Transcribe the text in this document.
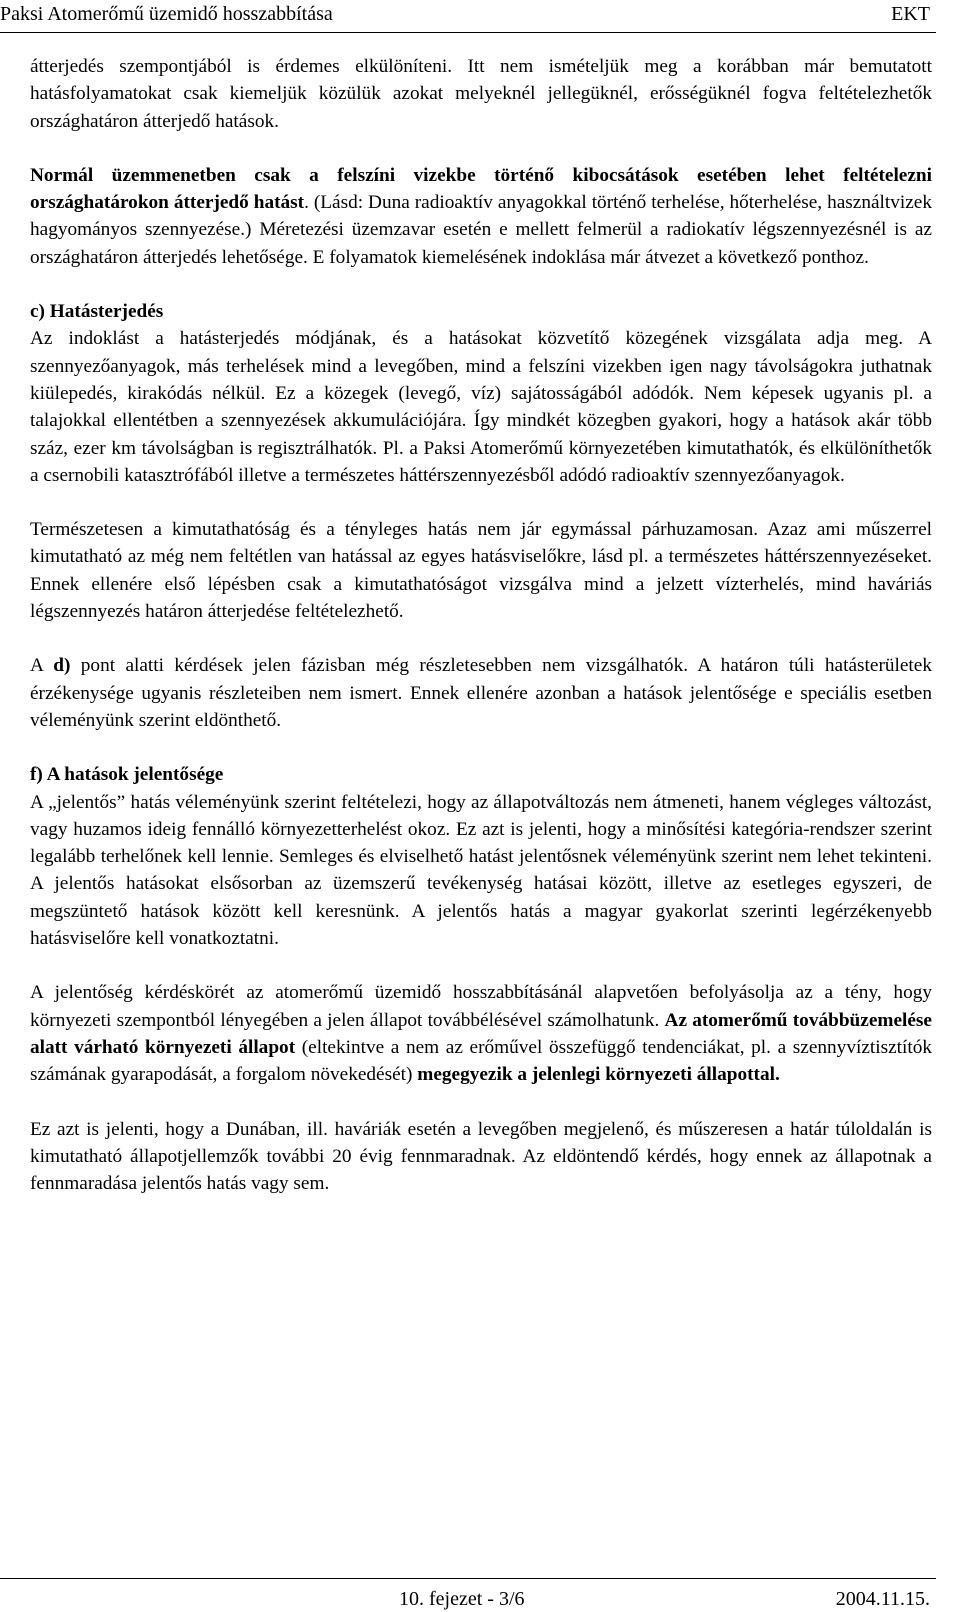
Paksi Atomerőmű üzemidő hosszabbítása	EKT

átterjedés szempontjából is érdemes elkülöníteni. Itt nem ismételjük meg a korábban már bemutatott hatásfolyamatokat csak kiemeljük közülük azokat melyeknél jellegüknél, erősségüknél fogva feltételezhetők országhatáron átterjedő hatások.

Normál üzemmenetben csak a felszíni vizekbe történő kibocsátások esetében lehet feltételezni országhatárokon átterjedő hatást. (Lásd: Duna radioaktív anyagokkal történő terhelése, hőterhelése, használtvizek hagyományos szennyezése.) Méretezési üzemzavar esetén e mellett felmerül a radiokatív légszennyezésnél is az országhatáron átterjedés lehetősége. E folyamatok kiemelésének indoklása már átvezet a következő ponthoz.

c) Hatásterjedés

Az indoklást a hatásterjedés módjának, és a hatásokat közvetítő közegének vizsgálata adja meg. A szennyezőanyagok, más terhelések mind a levegőben, mind a felszíni vizekben igen nagy távolságokra juthatnak kiülepedés, kirakódás nélkül. Ez a közegek (levegő, víz) sajátosságából adódók. Nem képesek ugyanis pl. a talajokkal ellentétben a szennyezések akkumulációjára. Így mindkét közegben gyakori, hogy a hatások akár több száz, ezer km távolságban is regisztrálhatók. Pl. a Paksi Atomerőmű környezetében kimutathatók, és elkülöníthetők a csernobili katasztrófából illetve a természetes háttérszennyezésből adódó radioaktív szennyezőanyagok.

Természetesen a kimutathatóság és a tényleges hatás nem jár egymással párhuzamosan. Azaz ami műszerrel kimutatható az még nem feltétlen van hatással az egyes hatásviselőkre, lásd pl. a természetes háttérszennyezéseket. Ennek ellenére első lépésben csak a kimutathatóságot vizsgálva mind a jelzett vízterhelés, mind haváriás légszennyezés határon átterjedése feltételezhető.

A d) pont alatti kérdések jelen fázisban még részletesebben nem vizsgálhatók. A határon túli hatásterületek érzékenysége ugyanis részleteiben nem ismert. Ennek ellenére azonban a hatások jelentősége e speciális esetben véleményünk szerint eldönthető.

f) A hatások jelentősége

A „jelentős” hatás véleményünk szerint feltételezi, hogy az állapotváltozás nem átmeneti, hanem végleges változást, vagy huzamos ideig fennálló környezetterhelést okoz. Ez azt is jelenti, hogy a minősítési kategória-rendszer szerint legalább terhelőnek kell lennie. Semleges és elviselhető hatást jelentősnek véleményünk szerint nem lehet tekinteni. A jelentős hatásokat elsősorban az üzemszerű tevékenység hatásai között, illetve az esetleges egyszeri, de megszüntető hatások között kell keresnünk. A jelentős hatás a magyar gyakorlat szerinti legérzékenyebb hatásviselőre kell vonatkoztatni.

A jelentőség kérdéskörét az atomerőmű üzemidő hosszabbításánál alapvetően befolyásolja az a tény, hogy környezeti szempontból lényegében a jelen állapot továbbélésével számolhatunk. Az atomerőmű továbbüzemelése alatt várható környezeti állapot (eltekintve a nem az erőművel összefüggő tendenciákat, pl. a szennyvíztisztítók számának gyarapodását, a forgalom növekedését) megegyezik a jelenlegi környezeti állapottal.

Ez azt is jelenti, hogy a Dunában, ill. haváriák esetén a levegőben megjelenő, és műszeresen a határ túloldalán is kimutatható állapotjellemzők további 20 évig fennmaradnak. Az eldöntendő kérdés, hogy ennek az állapotnak a fennmaradása jelentős hatás vagy sem.

10. fejezet - 3/6	2004.11.15.
